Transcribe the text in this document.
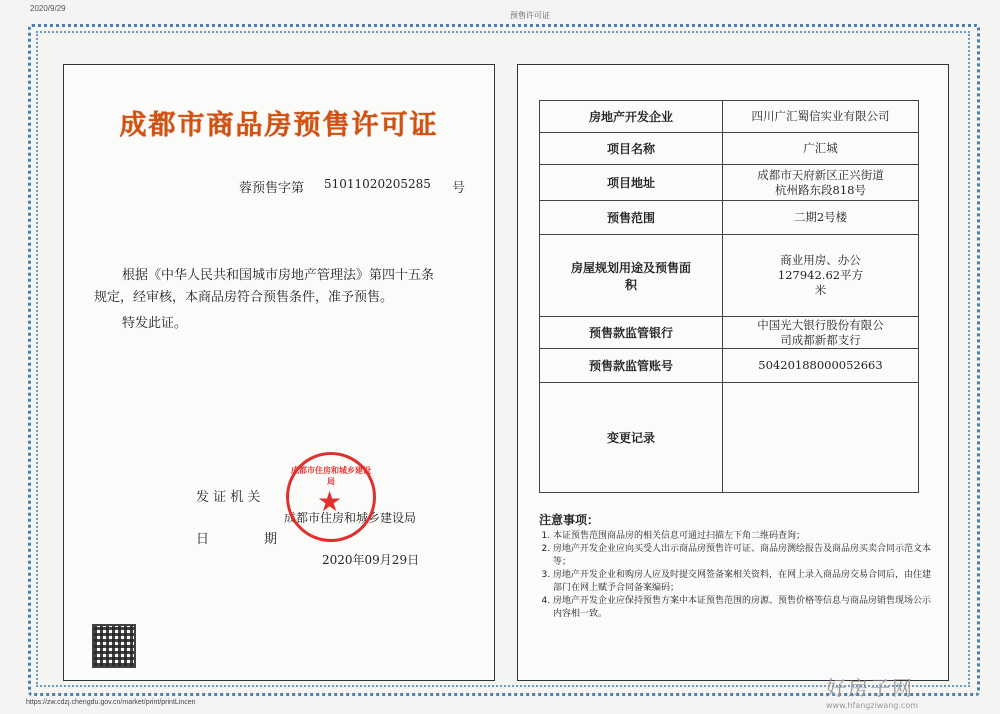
2020/9/29
预售许可证
成都市商品房预售许可证
蓉预售字第 510110202052​85 号
根据《中华人民共和国城市房地产管理法》第四十五条
规定，经审核，本商品房符合预售条件，准予预售。
特发此证。
发 证 机 关
成都市住房和城乡建设局
日	期
2020年09月29日
成都市住房和城乡建设局
★
房地产开发企业	四川广汇蜀信实业有限公司
项目名称	广汇城
项目地址	成都市天府新区正兴街道杭州路东段818号
预售范围	二期2号楼
房屋规划用途及预售面积	商业用房、办公 127942.62平方米
预售款监管银行	中国光大银行股份有限公司成都新都支行
预售款监管账号	50420188000052663
变更记录	
注意事项：
1. 本证预售范围商品房的相关信息可通过扫描左下角二维码查询；
2. 房地产开发企业应向买受人出示商品房预售许可证、商品房测绘报告及商品房买卖合同示范文本等；
3. 房地产开发企业和购房人应及时提交网签备案相关资料，在网上录入商品房交易合同后，由住建部门在网上赋予合同备案编码；
4. 房地产开发企业应保持预售方案中本证预售范围的房源、预售价格等信息与商品房销售现场公示内容相一致。
https://zw.cdzj.chengdu.gov.cn/market/print/printLincen
好房子网
www.hfangziwang.com
